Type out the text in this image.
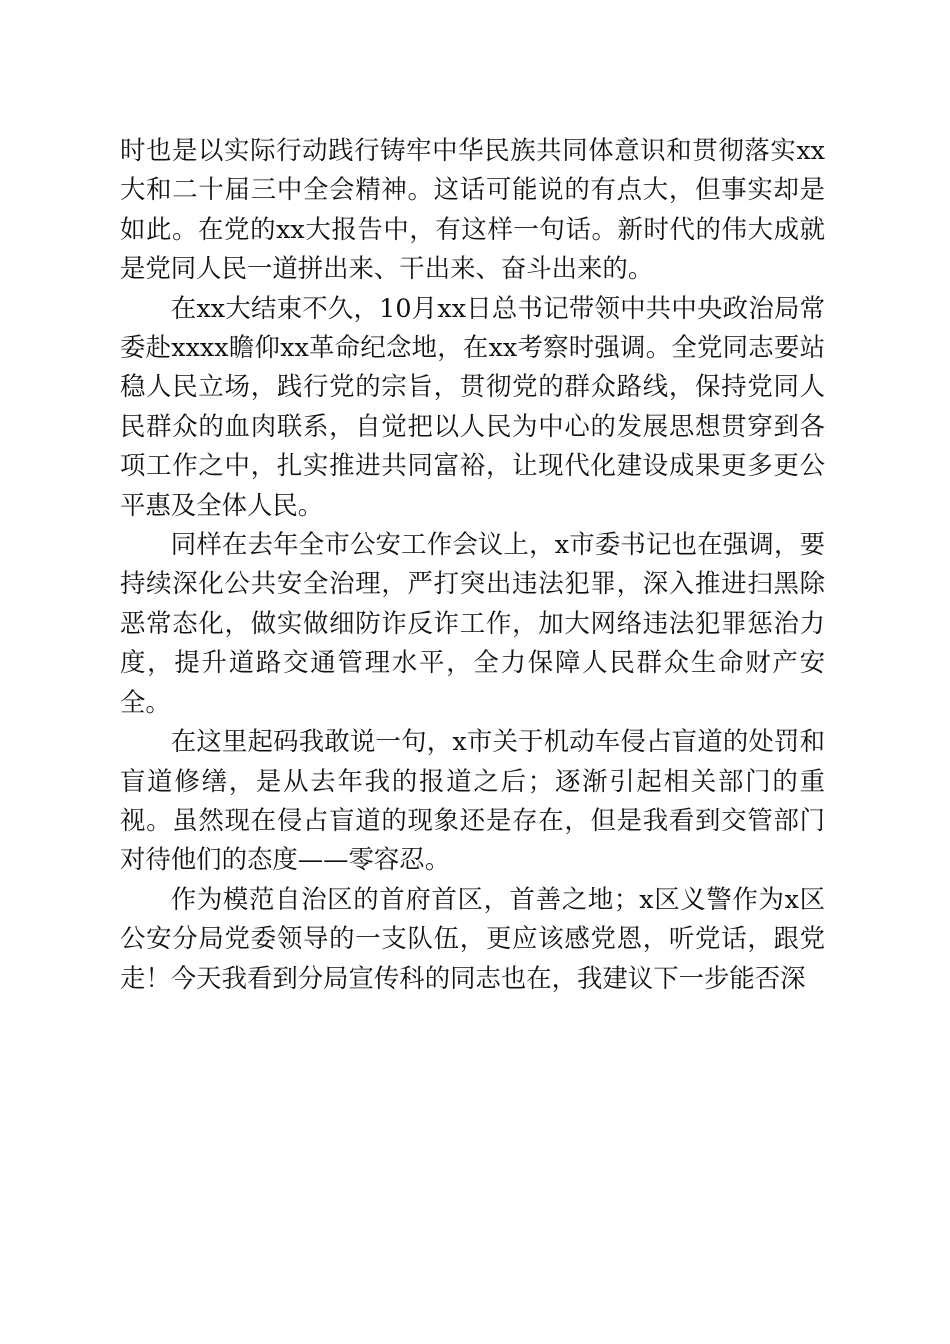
时也是以实际行动践行铸牢中华民族共同体意识和贯彻落实xx大和二十届三中全会精神。这话可能说的有点大，但事实却是如此。在党的xx大报告中，有这样一句话。新时代的伟大成就是党同人民一道拼出来、干出来、奋斗出来的。

在xx大结束不久，10月xx日总书记带领中共中央政治局常委赴xxxx瞻仰xx革命纪念地，在xx考察时强调。全党同志要站稳人民立场，践行党的宗旨，贯彻党的群众路线，保持党同人民群众的血肉联系，自觉把以人民为中心的发展思想贯穿到各项工作之中，扎实推进共同富裕，让现代化建设成果更多更公平惠及全体人民。

同样在去年全市公安工作会议上，x市委书记也在强调，要持续深化公共安全治理，严打突出违法犯罪，深入推进扫黑除恶常态化，做实做细防诈反诈工作，加大网络违法犯罪惩治力度，提升道路交通管理水平，全力保障人民群众生命财产安全。

在这里起码我敢说一句，x市关于机动车侵占盲道的处罚和盲道修缮，是从去年我的报道之后；逐渐引起相关部门的重视。虽然现在侵占盲道的现象还是存在，但是我看到交管部门对待他们的态度——零容忍。

作为模范自治区的首府首区，首善之地；x区义警作为x区公安分局党委领导的一支队伍，更应该感党恩，听党话，跟党走！今天我看到分局宣传科的同志也在，我建议下一步能否深
